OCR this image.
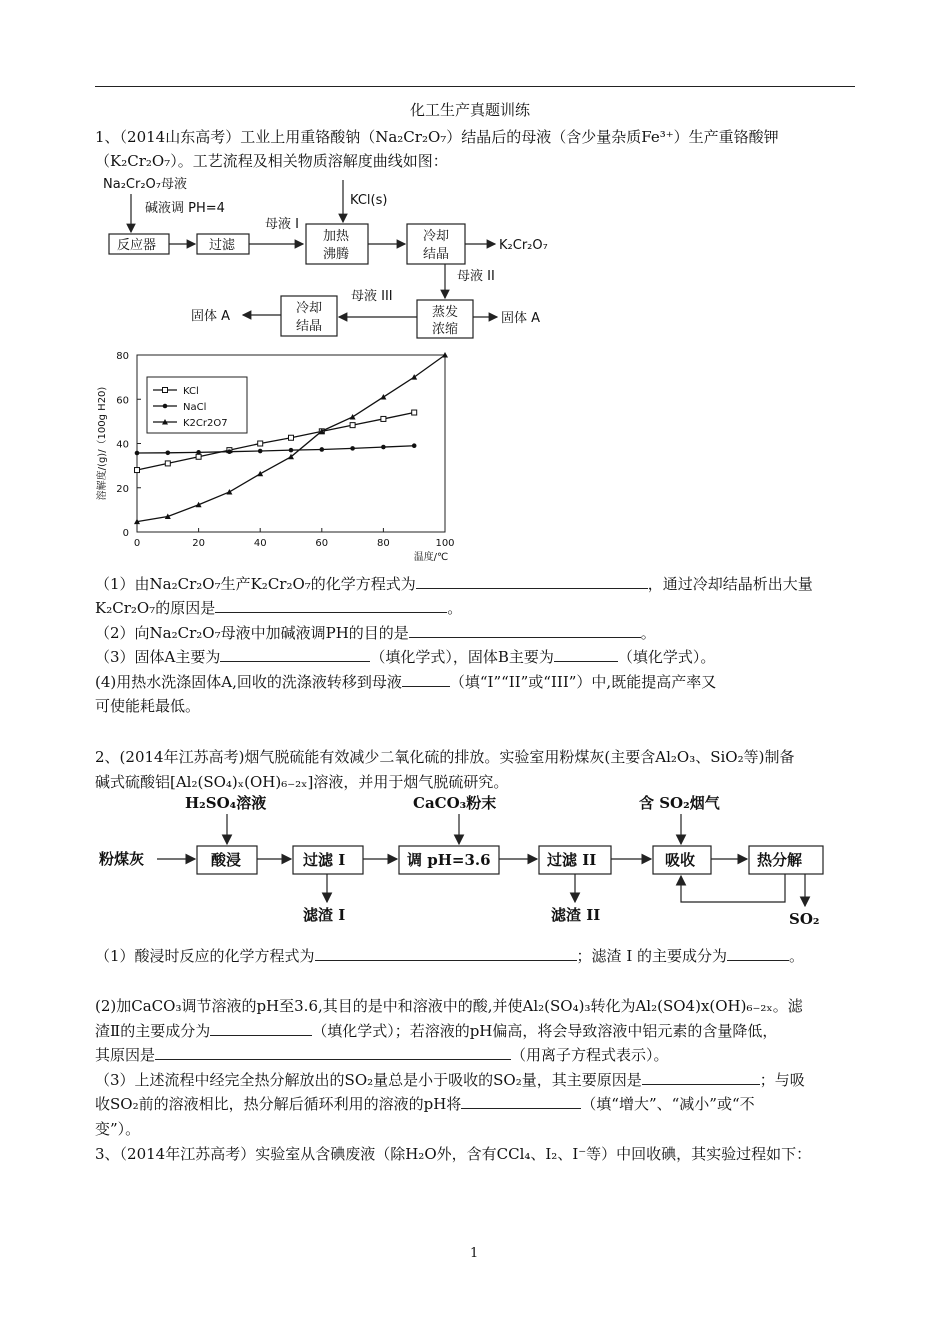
化工生产真题训练
1、（2014山东高考）工业上用重铬酸钠（Na₂Cr₂O₇）结晶后的母液（含少量杂质Fe³⁺）生产重铬酸钾
（K₂Cr₂O₇）。工艺流程及相关物质溶解度曲线如图：
Na₂Cr₂O₇母液
碱液调 PH=4
反应器	过滤
母液 I
KCl(s)
加热
沸腾
冷却
结晶
K₂Cr₂O₇
母液 II
蒸发
浓缩
固体 A
母液 III
冷却
结晶
固体 A
0	20	40	60	80	100
0
20
40
60
80
温度/℃
溶解度/(g)/（100g H20)	KCl
NaCl
K2Cr2O7
（1）由Na₂Cr₂O₇生产K₂Cr₂O₇的化学方程式为	，通过冷却结晶析出大量
K₂Cr₂O₇的原因是	。
（2）向Na₂Cr₂O₇母液中加碱液调PH的目的是	。
（3）固体A主要为	（填化学式），固体B主要为	（填化学式）。
(4)用热水洗涤固体A,回收的洗涤液转移到母液	（填“I”“II”或“III”）中,既能提高产率又
可使能耗最低。
2、(2014年江苏高考)烟气脱硫能有效减少二氧化硫的排放。实验室用粉煤灰(主要含Al₂O₃、SiO₂等)制备
碱式硫酸铝[Al₂(SO₄)ₓ(OH)₆₋₂ₓ]溶液，并用于烟气脱硫研究。
H₂SO₄溶液	CaCO₃粉末	含 SO₂烟气
粉煤灰	酸浸	过滤 I	调 pH=3.6	过滤 II	吸收	热分解
滤渣 I	滤渣 II	SO₂
（1）酸浸时反应的化学方程式为	；滤渣 I 的主要成分为	。
(2)加CaCO₃调节溶液的pH至3.6,其目的是中和溶液中的酸,并使Al₂(SO₄)₃转化为Al₂(SO4)x(OH)₆₋₂ₓ。滤
渣Ⅱ的主要成分为	（填化学式）；若溶液的pH偏高，将会导致溶液中铝元素的含量降低，
其原因是	（用离子方程式表示）。
（3）上述流程中经完全热分解放出的SO₂量总是小于吸收的SO₂量，其主要原因是	；与吸
收SO₂前的溶液相比，热分解后循环利用的溶液的pH将	（填“增大”、“减小”或“不
变”）。
3、（2014年江苏高考）实验室从含碘废液（除H₂O外，含有CCl₄、I₂、I⁻等）中回收碘，其实验过程如下：
1
